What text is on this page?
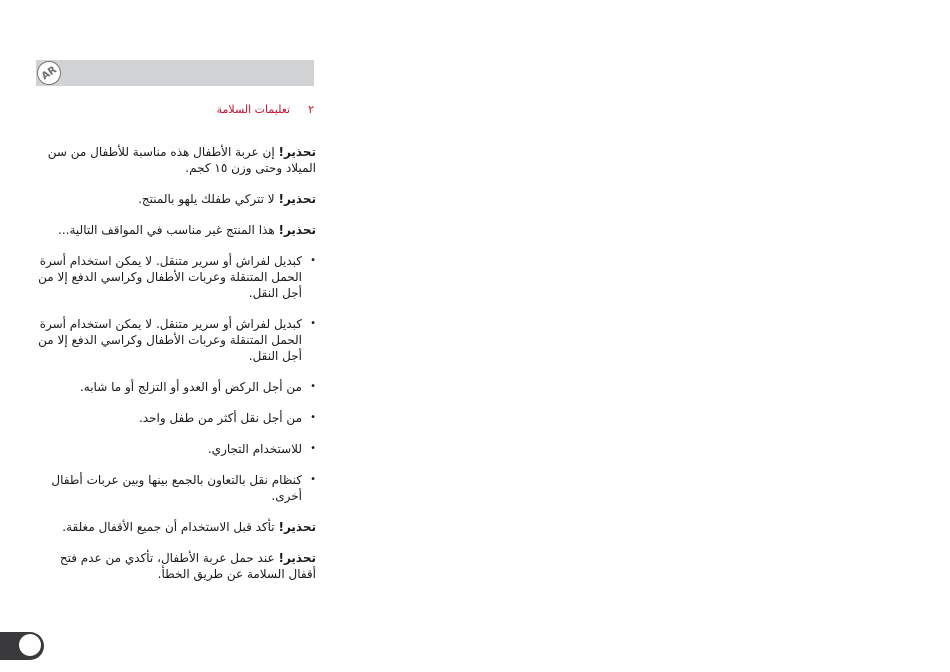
AR
٢
تعليمات السلامة

تحذير! إن عربة الأطفال هذه مناسبة للأطفال من سن الميلاد وحتى وزن ١٥ كجم.

تحذير! لا تتركي طفلك يلهو بالمنتج.

تحذير! هذا المنتج غير مناسب في المواقف التالية...

•
كبديل لفراش أو سرير متنقل. لا يمكن استخدام أسرة الحمل المتنقلة وعربات الأطفال وكراسي الدفع إلا من أجل النقل.
•
كبديل لفراش أو سرير متنقل. لا يمكن استخدام أسرة الحمل المتنقلة وعربات الأطفال وكراسي الدفع إلا من أجل النقل.
•
من أجل الركض أو العدو أو التزلج أو ما شابه.
•
من أجل نقل أكثر من طفل واحد.
•
للاستخدام التجاري.
•
كنظام نقل بالتعاون بالجمع بينها وبين عربات أطفال أخرى.

تحذير! تأكد قبل الاستخدام أن جميع الأقفال مغلقة.

تحذير! عند حمل عربة الأطفال، تأكدي من عدم فتح أقفال السلامة عن طريق الخطأ.
